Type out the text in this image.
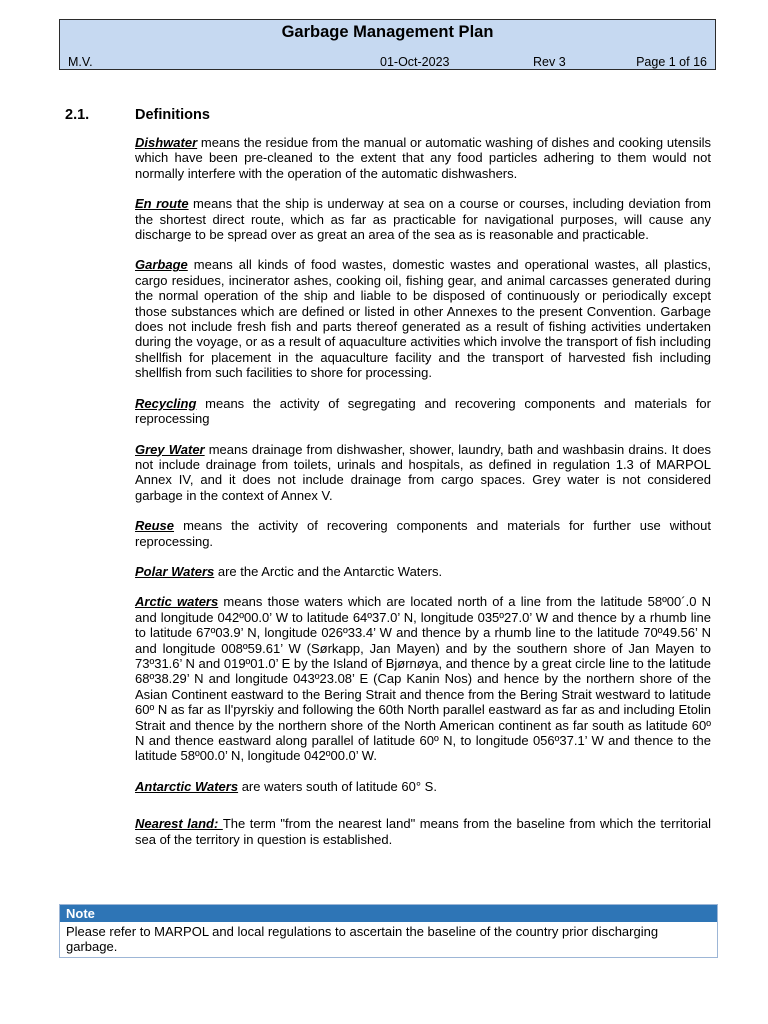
Garbage Management Plan
M.V.	01-Oct-2023	Rev 3	Page 1 of 16
2.1.	Definitions

Dishwater means the residue from the manual or automatic washing of dishes and cooking utensils which have been pre-cleaned to the extent that any food particles adhering to them would not normally interfere with the operation of the automatic dishwashers.

En route means that the ship is underway at sea on a course or courses, including deviation from the shortest direct route, which as far as practicable for navigational purposes, will cause any discharge to be spread over as great an area of the sea as is reasonable and practicable.

Garbage means all kinds of food wastes, domestic wastes and operational wastes, all plastics, cargo residues, incinerator ashes, cooking oil, fishing gear, and animal carcasses generated during the normal operation of the ship and liable to be disposed of continuously or periodically except those substances which are defined or listed in other Annexes to the present Convention. Garbage does not include fresh fish and parts thereof generated as a result of fishing activities undertaken during the voyage, or as a result of aquaculture activities which involve the transport of fish including shellfish for placement in the aquaculture facility and the transport of harvested fish including shellfish from such facilities to shore for processing.

Recycling means the activity of segregating and recovering components and materials for reprocessing

Grey Water means drainage from dishwasher, shower, laundry, bath and washbasin drains. It does not include drainage from toilets, urinals and hospitals, as defined in regulation 1.3 of MARPOL Annex IV, and it does not include drainage from cargo spaces. Grey water is not considered garbage in the context of Annex V.

Reuse means the activity of recovering components and materials for further use without reprocessing.

Polar Waters are the Arctic and the Antarctic Waters.

Arctic waters means those waters which are located north of a line from the latitude 58º00´.0 N and longitude 042º00.0’ W to latitude 64º37.0’ N, longitude 035º27.0’ W and thence by a rhumb line to latitude 67º03.9’ N, longitude 026º33.4’ W and thence by a rhumb line to the latitude 70º49.56’ N and longitude 008º59.61’ W (Sørkapp, Jan Mayen) and by the southern shore of Jan Mayen to 73º31.6’ N and 019º01.0’ E by the Island of Bjørnøya, and thence by a great circle line to the latitude 68º38.29’ N and longitude 043º23.08’ E (Cap Kanin Nos) and hence by the northern shore of the Asian Continent eastward to the Bering Strait and thence from the Bering Strait westward to latitude 60º N as far as Il'pyrskiy and following the 60th North parallel eastward as far as and including Etolin Strait and thence by the northern shore of the North American continent as far south as latitude 60º N and thence eastward along parallel of latitude 60º N, to longitude 056º37.1’ W and thence to the latitude 58º00.0’ N, longitude 042º00.0’ W.

Antarctic Waters are waters south of latitude 60° S.

Nearest land: The term "from the nearest land" means from the baseline from which the territorial sea of the territory in question is established.

Note
Please refer to MARPOL and local regulations to ascertain the baseline of the country prior discharging garbage.
